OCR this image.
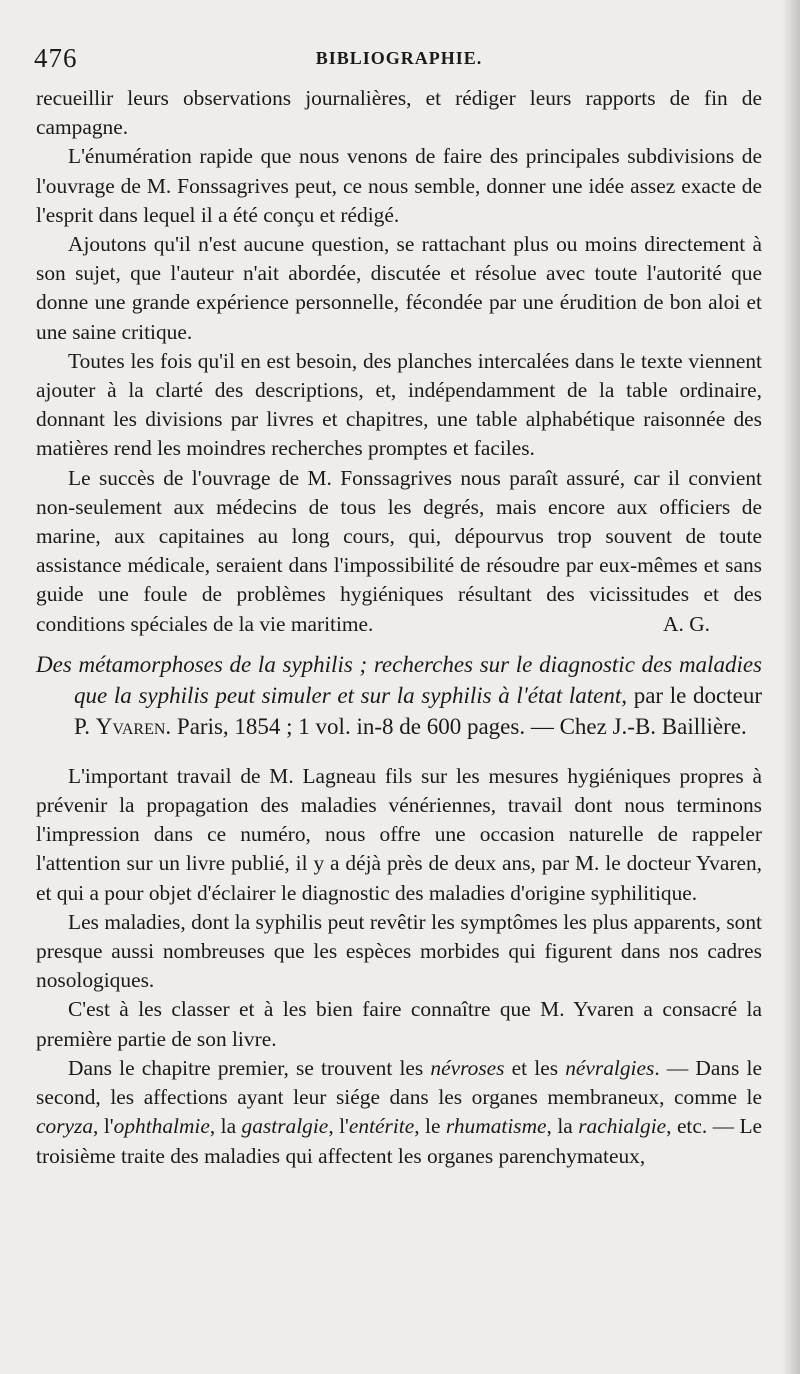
476	BIBLIOGRAPHIE.

recueillir leurs observations journalières, et rédiger leurs rapports de fin de campagne.

L'énumération rapide que nous venons de faire des principales subdivisions de l'ouvrage de M. Fonssagrives peut, ce nous semble, donner une idée assez exacte de l'esprit dans lequel il a été conçu et rédigé.

Ajoutons qu'il n'est aucune question, se rattachant plus ou moins directement à son sujet, que l'auteur n'ait abordée, discutée et résolue avec toute l'autorité que donne une grande expérience personnelle, fécondée par une érudition de bon aloi et une saine critique.

Toutes les fois qu'il en est besoin, des planches intercalées dans le texte viennent ajouter à la clarté des descriptions, et, indépendamment de la table ordinaire, donnant les divisions par livres et chapitres, une table alphabétique raisonnée des matières rend les moindres recherches promptes et faciles.

Le succès de l'ouvrage de M. Fonssagrives nous paraît assuré, car il convient non-seulement aux médecins de tous les degrés, mais encore aux officiers de marine, aux capitaines au long cours, qui, dépourvus trop souvent de toute assistance médicale, seraient dans l'impossibilité de résoudre par eux-mêmes et sans guide une foule de problèmes hygiéniques résultant des vicissitudes et des conditions spéciales de la vie maritime.	A. G.

Des métamorphoses de la syphilis ; recherches sur le diagnostic des maladies que la syphilis peut simuler et sur la syphilis à l'état latent, par le docteur P. Yvaren. Paris, 1854 ; 1 vol. in-8 de 600 pages. — Chez J.-B. Baillière.

L'important travail de M. Lagneau fils sur les mesures hygiéniques propres à prévenir la propagation des maladies vénériennes, travail dont nous terminons l'impression dans ce numéro, nous offre une occasion naturelle de rappeler l'attention sur un livre publié, il y a déjà près de deux ans, par M. le docteur Yvaren, et qui a pour objet d'éclairer le diagnostic des maladies d'origine syphilitique.

Les maladies, dont la syphilis peut revêtir les symptômes les plus apparents, sont presque aussi nombreuses que les espèces morbides qui figurent dans nos cadres nosologiques.

C'est à les classer et à les bien faire connaître que M. Yvaren a consacré la première partie de son livre.

Dans le chapitre premier, se trouvent les névroses et les névralgies. — Dans le second, les affections ayant leur siége dans les organes membraneux, comme le coryza, l'ophthalmie, la gastralgie, l'entérite, le rhumatisme, la rachialgie, etc. — Le troisième traite des maladies qui affectent les organes parenchymateux,
